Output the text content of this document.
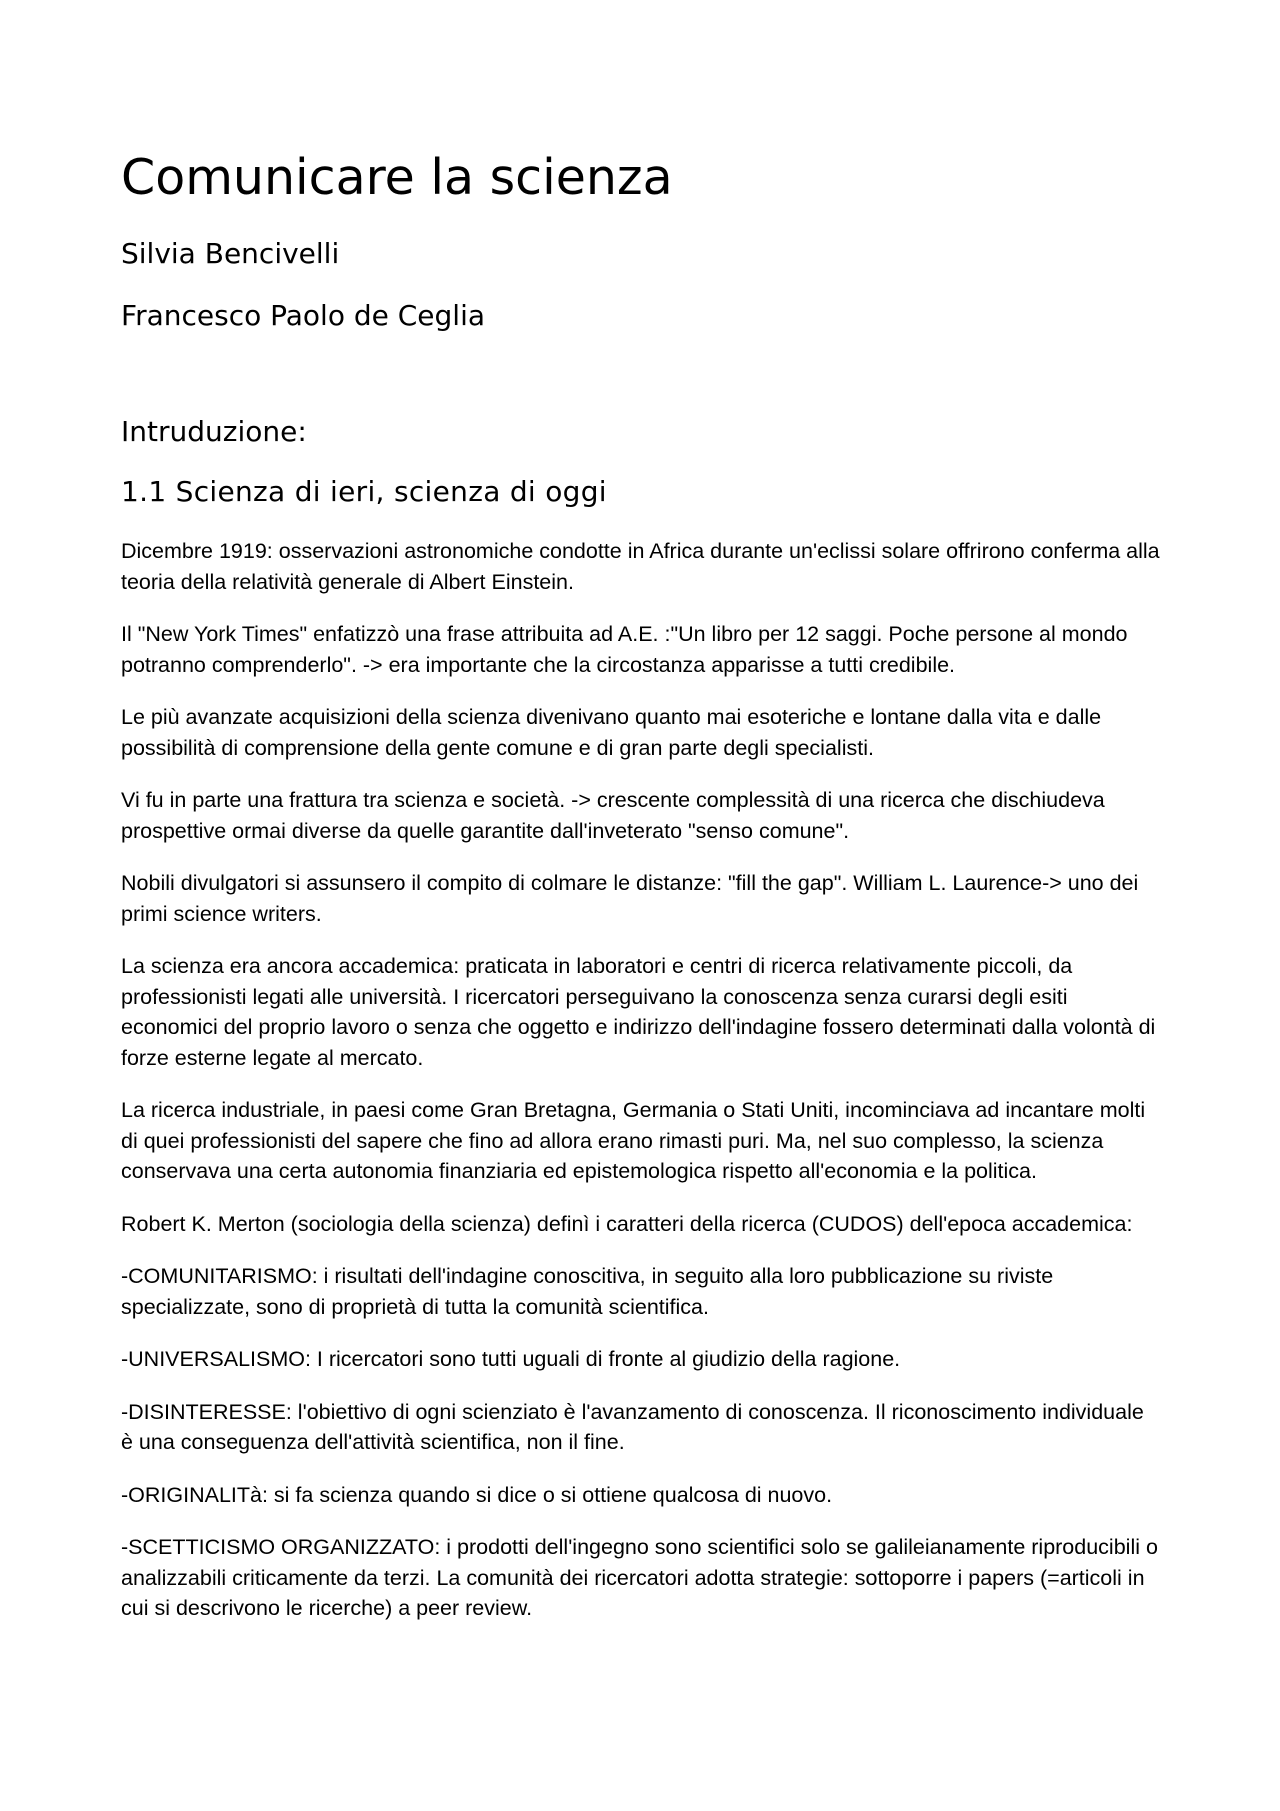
Comunicare la scienza
Silvia Bencivelli
Francesco Paolo de Ceglia
Intruduzione:
1.1 Scienza di ieri, scienza di oggi

Dicembre 1919: osservazioni astronomiche condotte in Africa durante un'eclissi solare offrirono conferma alla teoria della relatività generale di Albert Einstein.

Il "New York Times" enfatizzò una frase attribuita ad A.E. :"Un libro per 12 saggi. Poche persone al mondo potranno comprenderlo". -> era importante che la circostanza apparisse a tutti credibile.

Le più avanzate acquisizioni della scienza divenivano quanto mai esoteriche e lontane dalla vita e dalle possibilità di comprensione della gente comune e di gran parte degli specialisti.

Vi fu in parte una frattura tra scienza e società. -> crescente complessità di una ricerca che dischiudeva prospettive ormai diverse da quelle garantite dall'inveterato "senso comune".

Nobili divulgatori si assunsero il compito di colmare le distanze: "fill the gap". William L. Laurence-> uno dei primi science writers.

La scienza era ancora accademica: praticata in laboratori e centri di ricerca relativamente piccoli, da professionisti legati alle università. I ricercatori perseguivano la conoscenza senza curarsi degli esiti economici del proprio lavoro o senza che oggetto e indirizzo dell'indagine fossero determinati dalla volontà di forze esterne legate al mercato.

La ricerca industriale, in paesi come Gran Bretagna, Germania o Stati Uniti, incominciava ad incantare molti di quei professionisti del sapere che fino ad allora erano rimasti puri. Ma, nel suo complesso, la scienza conservava una certa autonomia finanziaria ed epistemologica rispetto all'economia e la politica.

Robert K. Merton (sociologia della scienza) definì i caratteri della ricerca (CUDOS) dell'epoca accademica:

-COMUNITARISMO: i risultati dell'indagine conoscitiva, in seguito alla loro pubblicazione su riviste specializzate, sono di proprietà di tutta la comunità scientifica.

-UNIVERSALISMO: I ricercatori sono tutti uguali di fronte al giudizio della ragione.

-DISINTERESSE: l'obiettivo di ogni scienziato è l'avanzamento di conoscenza. Il riconoscimento individuale è una conseguenza dell'attività scientifica, non il fine.

-ORIGINALITà: si fa scienza quando si dice o si ottiene qualcosa di nuovo.

-SCETTICISMO ORGANIZZATO: i prodotti dell'ingegno sono scientifici solo se galileianamente riproducibili o analizzabili criticamente da terzi. La comunità dei ricercatori adotta strategie: sottoporre i papers (=articoli in cui si descrivono le ricerche) a peer review.
